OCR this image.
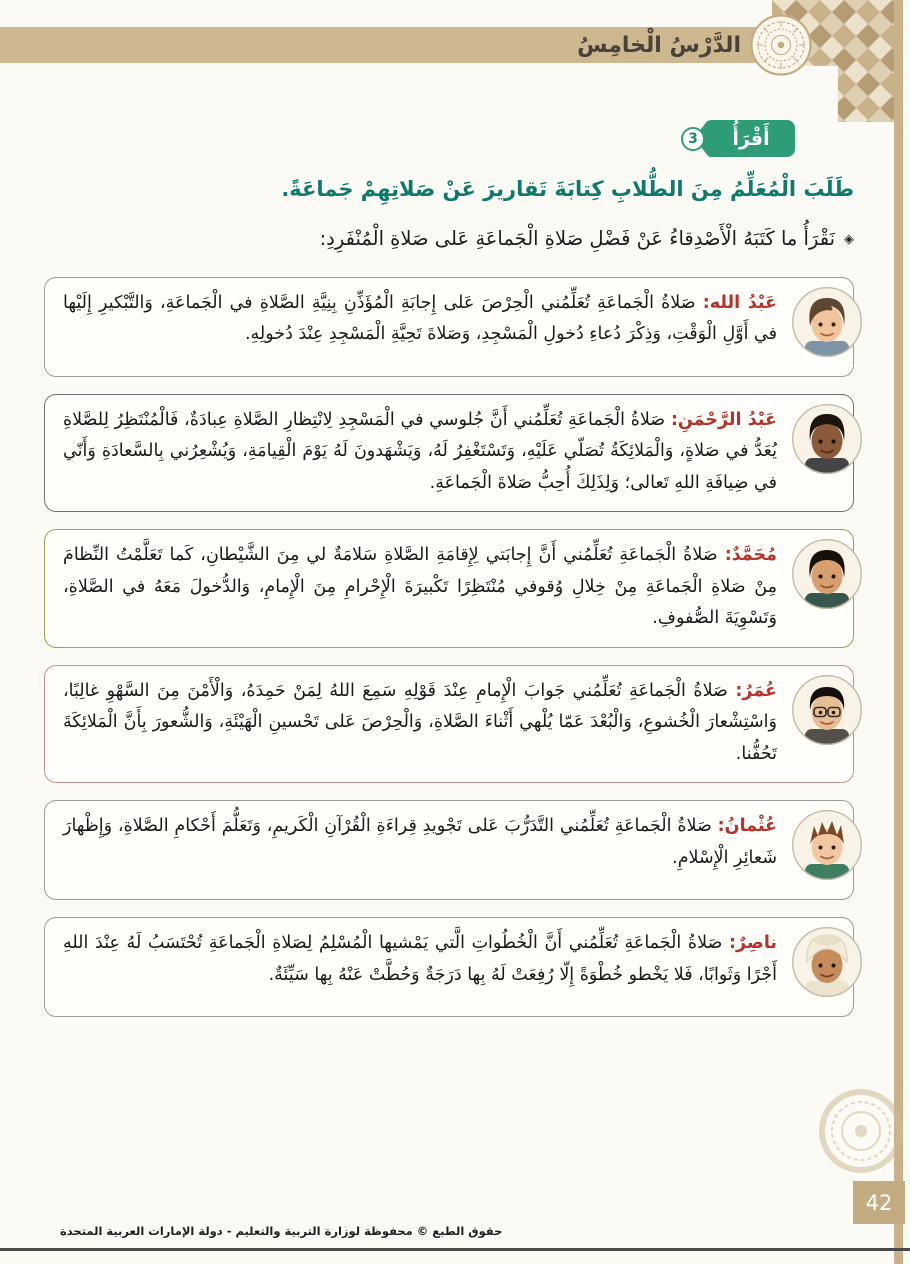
الدَّرْسُ الْخامِسُ
3	أَقْرَأُ

طَلَبَ الْمُعَلِّمُ مِنَ الطُّلابِ كِتابَةَ تَقاريرَ عَنْ صَلاتِهِمْ جَماعَةً.

◈نَقْرَأُ ما كَتَبَهُ الْأَصْدِقاءُ عَنْ فَضْلِ صَلاةِ الْجَماعَةِ عَلى صَلاةِ الْمُنْفَرِدِ:

عَبْدُ الله: صَلاةُ الْجَماعَةِ تُعَلِّمُني الْحِرْصَ عَلى إِجابَةِ الْمُؤَذِّنِ بِنِيَّةِ الصَّلاةِ في الْجَماعَةِ، وَالتَّبْكيرِ إِلَيْها في أَوَّلِ الْوَقْتِ، وَذِكْرَ دُعاءِ دُخولِ الْمَسْجِدِ، وَصَلاةَ تَحِيَّةِ الْمَسْجِدِ عِنْدَ دُخولِهِ.
عَبْدُ الرَّحْمَنِ: صَلاةُ الْجَماعَةِ تُعَلِّمُني أَنَّ جُلوسي في الْمَسْجِدِ لِانْتِظارِ الصَّلاةِ عِبادَةٌ، فَالْمُنْتَظِرُ لِلصَّلاةِ يُعَدُّ في صَلاةٍ، وَالْمَلائِكَةُ تُصَلّي عَلَيْهِ، وَتَسْتَغْفِرُ لَهُ، وَيَشْهَدونَ لَهُ يَوْمَ الْقِيامَةِ، وَيُشْعِرُني بِالسَّعادَةِ وَأَنّي في ضِيافَةِ اللهِ تَعالى؛ وَلِذَلِكَ أُحِبُّ صَلاةَ الْجَماعَةِ.
مُحَمَّدٌ: صَلاةُ الْجَماعَةِ تُعَلِّمُني أَنَّ إِجابَتي لِإِقامَةِ الصَّلاةِ سَلامَةٌ لي مِنَ الشَّيْطانِ، كَما تَعَلَّمْتُ النِّظامَ مِنْ صَلاةِ الْجَماعَةِ مِنْ خِلالِ وُقوفي مُنْتَظِرًا تَكْبيرَةَ الْإِحْرامِ مِنَ الْإِمامِ، وَالدُّخولَ مَعَهُ في الصَّلاةِ، وَتَسْوِيَةَ الصُّفوفِ.
عُمَرُ: صَلاةُ الْجَماعَةِ تُعَلِّمُني جَوابَ الْإِمامِ عِنْدَ قَوْلِهِ سَمِعَ اللهُ لِمَنْ حَمِدَهُ، وَالْأَمْنَ مِنَ السَّهْوِ غالِبًا، وَاسْتِشْعارَ الْخُشوعِ، وَالْبُعْدَ عَمّا يُلْهي أَثْناءَ الصَّلاةِ، وَالْحِرْصَ عَلى تَحْسينِ الْهَيْئَةِ، وَالشُّعورَ بِأَنَّ الْمَلائِكَةَ تَحُفُّنا.
عُثْمانُ: صَلاةُ الْجَماعَةِ تُعَلِّمُني التَّدَرُّبَ عَلى تَجْويدِ قِراءَةِ الْقُرْآنِ الْكَريمِ، وَتَعَلُّمَ أَحْكامِ الصَّلاةِ، وَإِظْهارَ شَعائِرِ الْإِسْلامِ.
ناصِرٌ: صَلاةُ الْجَماعَةِ تُعَلِّمُني أَنَّ الْخُطُواتِ الَّتي يَمْشيها الْمُسْلِمُ لِصَلاةِ الْجَماعَةِ تُحْتَسَبُ لَهُ عِنْدَ اللهِ أَجْرًا وَثَوابًا، فَلا يَخْطو خُطْوَةً إِلّا رُفِعَتْ لَهُ بِها دَرَجَةٌ وَحُطَّتْ عَنْهُ بِها سَيِّئَةٌ.
42
حقوق الطبع © محفوظة لوزارة التربية والتعليم - دولة الإمارات العربية المتحدة
